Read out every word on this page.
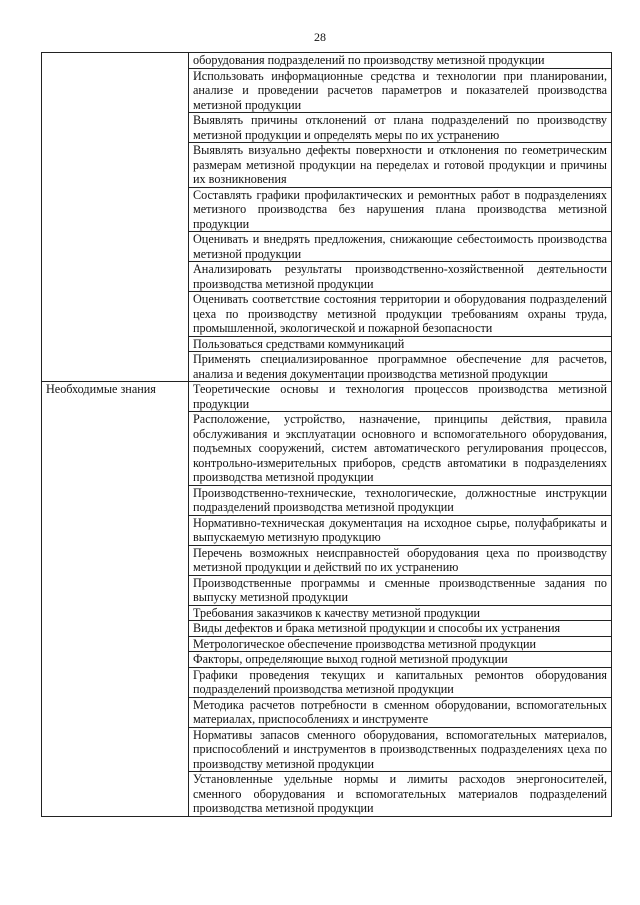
28

	оборудования подразделений по производству метизной продукции

	Использовать информационные средства и технологии при планировании, анализе и проведении расчетов параметров и показателей производства метизной продукции

	Выявлять причины отклонений от плана подразделений по производству метизной продукции и определять меры по их устранению

	Выявлять визуально дефекты поверхности и отклонения по геометрическим размерам метизной продукции на переделах и готовой продукции и причины их возникновения

	Составлять графики профилактических и ремонтных работ в подразделениях метизного производства без нарушения плана производства метизной продукции

	Оценивать и внедрять предложения, снижающие себестоимость производства метизной продукции

	Анализировать результаты производственно-хозяйственной деятельности производства метизной продукции

	Оценивать соответствие состояния территории и оборудования подразделений цеха по производству метизной продукции требованиям охраны труда, промышленной, экологической и пожарной безопасности

	Пользоваться средствами коммуникаций

	Применять специализированное программное обеспечение для расчетов, анализа и ведения документации производства метизной продукции

Необходимые знания	Теоретические основы и технология процессов производства метизной продукции

	Расположение, устройство, назначение, принципы действия, правила обслуживания и эксплуатации основного и вспомогательного оборудования, подъемных сооружений, систем автоматического регулирования процессов, контрольно-измерительных приборов, средств автоматики в подразделениях производства метизной продукции

	Производственно-технические, технологические, должностные инструкции подразделений производства метизной продукции

	Нормативно-техническая документация на исходное сырье, полуфабрикаты и выпускаемую метизную продукцию

	Перечень возможных неисправностей оборудования цеха по производству метизной продукции и действий по их устранению

	Производственные программы и сменные производственные задания по выпуску метизной продукции

	Требования заказчиков к качеству метизной продукции

	Виды дефектов и брака метизной продукции и способы их устранения

	Метрологическое обеспечение производства метизной продукции

	Факторы, определяющие выход годной метизной продукции

	Графики проведения текущих и капитальных ремонтов оборудования подразделений производства метизной продукции

	Методика расчетов потребности в сменном оборудовании, вспомогательных материалах, приспособлениях и инструменте

	Нормативы запасов сменного оборудования, вспомогательных материалов, приспособлений и инструментов в производственных подразделениях цеха по производству метизной продукции

	Установленные удельные нормы и лимиты расходов энергоносителей, сменного оборудования и вспомогательных материалов подразделений производства метизной продукции
